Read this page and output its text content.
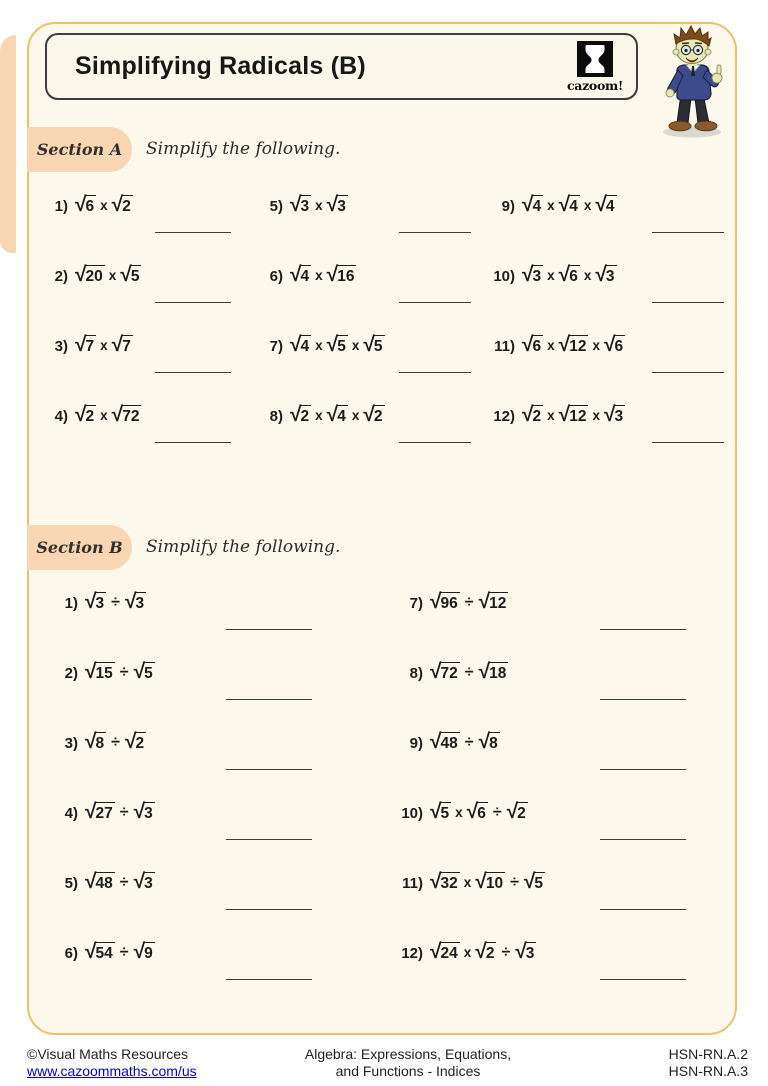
Simplifying Radicals (B)
cazoom!
Section A Simplify the following.
1) √ 6 x √ 2
2) √ 20 x √ 5
3) √ 7 x √ 7
4) √ 2 x √ 72
5) √ 3 x √ 3
6) √ 4 x √ 16
7) √ 4 x √ 5 x √ 5
8) √ 2 x √ 4 x √ 2
9) √ 4 x √ 4 x √ 4
10) √ 3 x √ 6 x √ 3
11) √ 6 x √ 12 x √ 6
12) √ 2 x √ 12 x √ 3
Section B Simplify the following.
1) √ 3 ÷ √ 3
2) √ 15 ÷ √ 5
3) √ 8 ÷ √ 2
4) √ 27 ÷ √ 3
5) √ 48 ÷ √ 3
6) √ 54 ÷ √ 9
7) √ 96 ÷ √ 12
8) √ 72 ÷ √ 18
9) √ 48 ÷ √ 8
10) √ 5 x √ 6 ÷ √ 2
11) √ 32 x √ 10 ÷ √ 5
12) √ 24 x √ 2 ÷ √ 3
©Visual Maths Resources
www.cazoommaths.com/us
Algebra: Expressions, Equations,
and Functions - Indices
HSN-RN.A.2
HSN-RN.A.3
